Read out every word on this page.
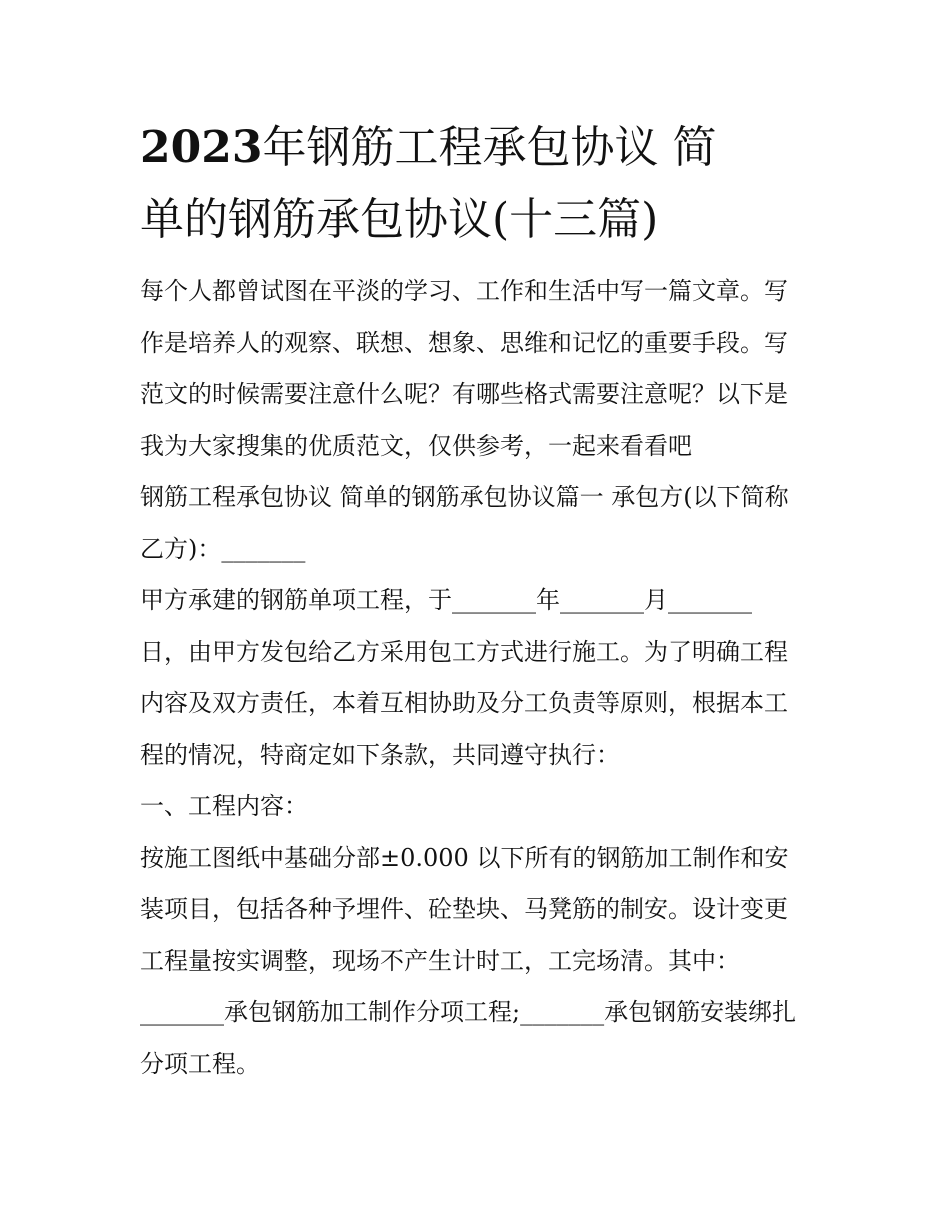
2023年钢筋工程承包协议 简
单的钢筋承包协议(十三篇)
每个人都曾试图在平淡的学习、工作和生活中写一篇文章。写
作是培养人的观察、联想、想象、思维和记忆的重要手段。写
范文的时候需要注意什么呢？有哪些格式需要注意呢？以下是
我为大家搜集的优质范文，仅供参考，一起来看看吧
钢筋工程承包协议 简单的钢筋承包协议篇一 承包方(以下简称
乙方)：_______
甲方承建的钢筋单项工程，于_______年_______月_______
日，由甲方发包给乙方采用包工方式进行施工。为了明确工程
内容及双方责任，本着互相协助及分工负责等原则，根据本工
程的情况，特商定如下条款，共同遵守执行：
一、工程内容：
按施工图纸中基础分部±0.000 以下所有的钢筋加工制作和安
装项目，包括各种予埋件、砼垫块、马凳筋的制安。设计变更
工程量按实调整，现场不产生计时工，工完场清。其中：
_______承包钢筋加工制作分项工程;_______承包钢筋安装绑扎
分项工程。
